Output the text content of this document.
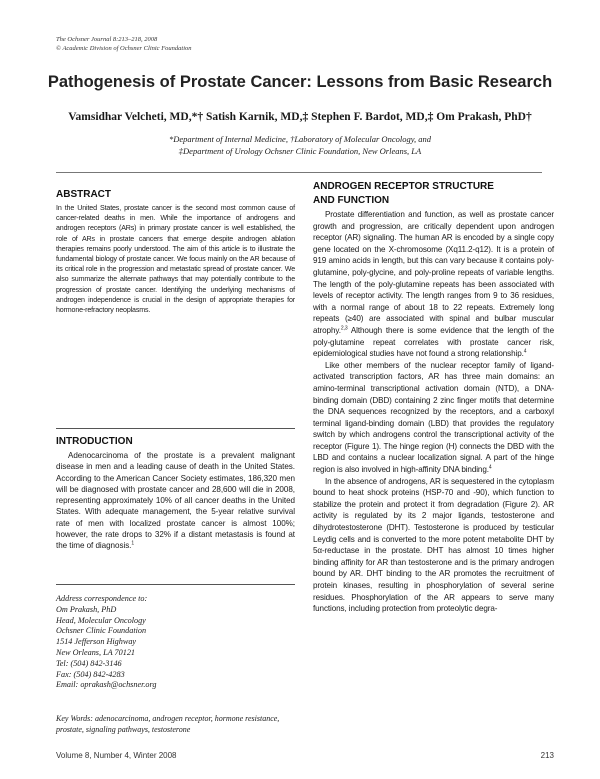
The Ochsner Journal 8:213–218, 2008
© Academic Division of Ochsner Clinic Foundation
Pathogenesis of Prostate Cancer: Lessons from Basic Research
Vamsidhar Velcheti, MD,*† Satish Karnik, MD,‡ Stephen F. Bardot, MD,‡ Om Prakash, PhD†
*Department of Internal Medicine, †Laboratory of Molecular Oncology, and
‡Department of Urology Ochsner Clinic Foundation, New Orleans, LA
ABSTRACT

In the United States, prostate cancer is the second most common cause of cancer-related deaths in men. While the importance of androgens and androgen receptors (ARs) in primary prostate cancer is well established, the role of ARs in prostate cancers that emerge despite androgen ablation therapies remains poorly understood. The aim of this article is to illustrate the fundamental biology of prostate cancer. We focus mainly on the AR because of its critical role in the progression and metastatic spread of prostate cancer. We also summarize the alternate pathways that may potentially contribute to the progression of prostate cancer. Identifying the underlying mechanisms of androgen independence is crucial in the design of appropriate therapies for hormone-refractory neoplasms.

INTRODUCTION

Adenocarcinoma of the prostate is a prevalent malignant disease in men and a leading cause of death in the United States. According to the American Cancer Society estimates, 186,320 men will be diagnosed with prostate cancer and 28,600 will die in 2008, representing approximately 10% of all cancer deaths in the United States. With adequate management, the 5-year relative survival rate of men with localized prostate cancer is almost 100%; however, the rate drops to 32% if a distant metastasis is found at the time of diagnosis.$^1$

Address correspondence to:
Om Prakash, PhD
Head, Molecular Oncology
Ochsner Clinic Foundation
1514 Jefferson Highway
New Orleans, LA 70121
Tel: (504) 842-3146
Fax: (504) 842-4283
Email: oprakash@ochsner.org
Key Words: adenocarcinoma, androgen receptor, hormone resistance, prostate, signaling pathways, testosterone
ANDROGEN RECEPTOR STRUCTURE
AND FUNCTION

Prostate differentiation and function, as well as prostate cancer growth and progression, are critically dependent upon androgen receptor (AR) signaling. The human AR is encoded by a single copy gene located on the X-chromosome (Xq11.2-q12). It is a protein of 919 amino acids in length, but this can vary because it contains poly-glutamine, poly-glycine, and poly-proline repeats of variable lengths. The length of the poly-glutamine repeats has been associated with levels of receptor activity. The length ranges from 9 to 36 residues, with a normal range of about 18 to 22 repeats. Extremely long repeats (≥40) are associated with spinal and bulbar muscular atrophy.$^{2,3}$ Although there is some evidence that the length of the poly-glutamine repeat correlates with prostate cancer risk, epidemiological studies have not found a strong relationship.$^4$

Like other members of the nuclear receptor family of ligand-activated transcription factors, AR has three main domains: an amino-terminal transcriptional activation domain (NTD), a DNA-binding domain (DBD) containing 2 zinc finger motifs that determine the DNA sequences recognized by the receptors, and a carboxyl terminal ligand-binding domain (LBD) that provides the regulatory switch by which androgens control the transcriptional activity of the receptor (Figure 1). The hinge region (H) connects the DBD with the LBD and contains a nuclear localization signal. A part of the hinge region is also involved in high-affinity DNA binding.$^4$

In the absence of androgens, AR is sequestered in the cytoplasm bound to heat shock proteins (HSP-70 and -90), which function to stabilize the protein and protect it from degradation (Figure 2). AR activity is regulated by its 2 major ligands, testosterone and dihydrotestosterone (DHT). Testosterone is produced by testicular Leydig cells and is converted to the more potent metabolite DHT by 5α-reductase in the prostate. DHT has almost 10 times higher binding affinity for AR than testosterone and is the primary androgen bound by AR. DHT binding to the AR promotes the recruitment of protein kinases, resulting in phosphorylation of several serine residues. Phosphorylation of the AR appears to serve many functions, including protection from proteolytic degra-

Volume 8, Number 4, Winter 2008	213
